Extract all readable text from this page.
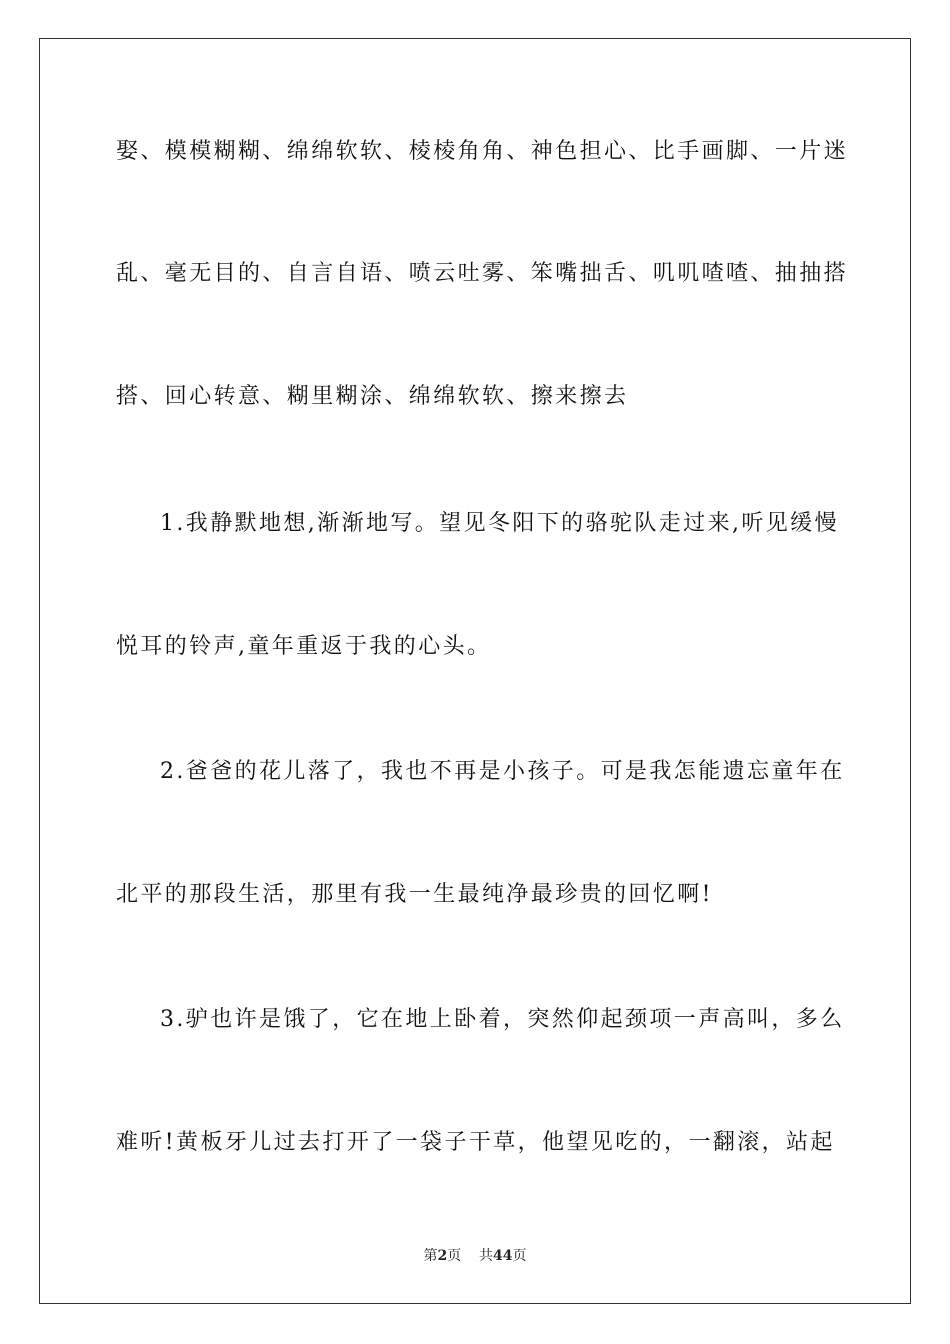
娶、模模糊糊、绵绵软软、棱棱角角、神色担心、比手画脚、一片迷
乱、毫无目的、自言自语、喷云吐雾、笨嘴拙舌、叽叽喳喳、抽抽搭
搭、回心转意、糊里糊涂、绵绵软软、擦来擦去
1.我静默地想,渐渐地写。望见冬阳下的骆驼队走过来,听见缓慢
悦耳的铃声,童年重返于我的心头。
2.爸爸的花儿落了，我也不再是小孩子。可是我怎能遗忘童年在
北平的那段生活，那里有我一生最纯净最珍贵的回忆啊!
3.驴也许是饿了，它在地上卧着，突然仰起颈项一声高叫，多么
难听!黄板牙儿过去打开了一袋子干草，他望见吃的，一翻滚，站起
第2页    共44页
